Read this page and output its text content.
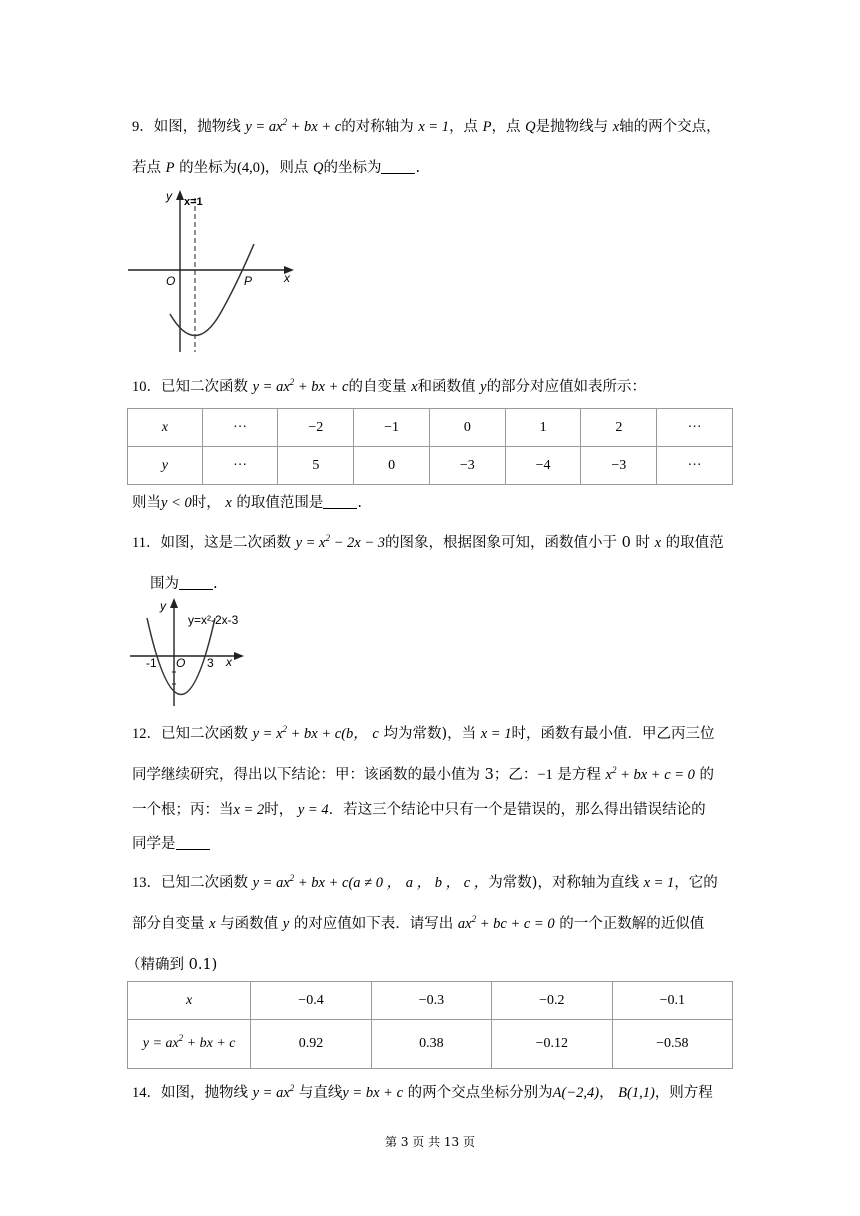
9．如图，抛物线 $y = ax^2$ + bx + c的对称轴为 x = 1，点 P，点 Q是抛物线与 x轴的两个交点，
若点 P 的坐标为(4,0)，则点 Q的坐标为 .
y x=1
O	P	x
10．已知二次函数 $y = ax^2$ + bx + c的自变量 x和函数值 y的部分对应值如表所示：
x	···	−2	−1	0	1	2	···
y	···	5	0	−3	−4	−3	···
则当y < 0时， x 的取值范围是 .
11．如图，这是二次函数 $y = x^2 - 2x - 3$的图象，根据图象可知，函数值小于 0 时 x 的取值范
围为 .
y
y=x²-2x-3
-1 O 3 x
12．已知二次函数 $y = x^2$ + bx + c(b， c 均为常数)，当 x = 1时，函数有最小值．甲乙丙三位
同学继续研究，得出以下结论：甲：该函数的最小值为 3；乙：−1 是方程 $x^2$ + bx + c = 0 的
一个根；丙：当x = 2时， y = 4．若这三个结论中只有一个是错误的，那么得出错误结论的
同学是
13．已知二次函数 $y = ax^2$ + bx + c(a ≠ 0 ， a ， b ， c ，为常数)，对称轴为直线 x = 1，它的
部分自变量 x 与函数值 y 的对应值如下表．请写出 $ax^2$ + bc + c = 0 的一个正数解的近似值
（精确到 0.1)
x	−0.4	−0.3	−0.2	−0.1
$y = ax^2$ + bx + c	0.92	0.38	−0.12	−0.58
14．如图，抛物线 $y = ax^2$ 与直线y = bx + c 的两个交点坐标分别为A(−2,4)， B(1,1)，则方程
第 3 页 共 13 页
